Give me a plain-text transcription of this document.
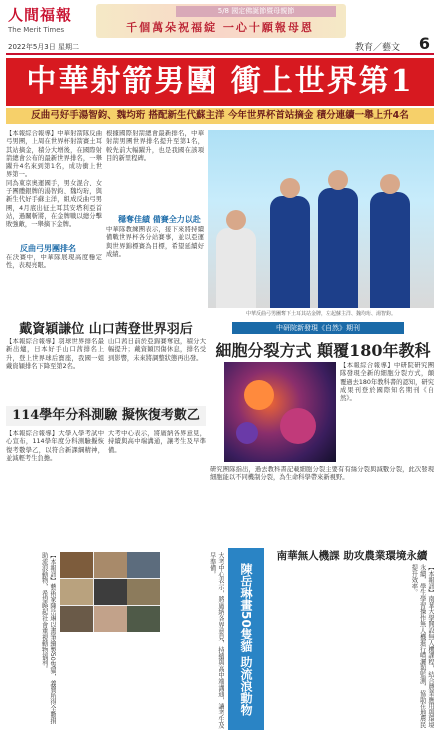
人間福報
The Merit Times
5/8 國定佛誕節暨母親節
千個萬朵祝福綻 一心十願報母恩
2022年5月3日 星期二	教育／藝文 6
中華射箭男團 衝上世界第1
反曲弓好手湯智鈞、魏均珩 搭配新生代蘇主洋 今年世界杯首站摘金 積分連續一舉上升4名

【本報綜合報導】中華射箭隊反曲弓男團，上周在世界杯射箭賽土耳其站摘金，積分大增後，在國際射箭總會公布的最新世界排名，一舉躍升4名來到第1名，成功衝上世界第一。

同為東京奧運國手，男女混合、女子團體銀牌的湯智鈞、魏均珩，與新生代好手蘇主洋，組成反曲弓男團，4月底出征土耳其安塔利亞首站，過關斬將，在金牌戰以總分擊敗強敵，一舉摘下金牌。

反曲弓男團排名

在決賽中，中華隊展現高度穩定性，表現亮眼。

根據國際射箭總會最新排名，中華射箭男團世界排名提升至第1名，較先前大幅躍升，也是我國在該項目的新里程碑。

穩奪佳績 備賽全力以赴

中華隊教練團表示，接下來將持續備戰世界杯各分站賽事，並以亞運與世界錦標賽為目標，希望延續好成績。

中華反曲弓男團奪下土耳其站金牌，左起蘇主洋、魏均珩、湯智鈞。
戴資穎謙位 山口茜登世界羽后

【本報綜合報導】羽球世界排名最新出爐，日本好手山口茜排名上升，登上世界球后寶座，我國一姐戴資穎排名下降至第2名。

山口茜日前於亞錦賽奪冠，積分大幅提升；戴資穎因傷休息，排名受到影響，未來將調整狀態再出發。

中研院新發現《自然》期刊
細胞分裂方式 顛覆180年教科

【本報綜合報導】中研院研究團隊發現全新的細胞分裂方式，顛覆過去180年教科書的認知，研究成果刊登於國際知名期刊《自然》。

研究團隊指出，過去教科書記載細胞分裂主要有有絲分裂與減數分裂，此次發現細胞能以不同機制分裂，為生命科學帶來新視野。

114學年分科測驗 擬恢復考數乙

【本報綜合報導】大學入學考試中心宣布，114學年度分科測驗擬恢復考數學乙，以符合新課綱精神，並減輕考生負擔。

大考中心表示，將廣納各界意見，持續與高中端溝通，讓考生及早準備。

【本報訊】藝術家陳岳琳以畫筆繪製50隻貓，義賣所得全數捐助流浪動物，希望喚起社會重視動物福利。	大考中心表示，將廣納各界意見，持續與高中端溝通，讓考生及早準備。	陳岳琳畫50隻貓 助流浪動物
南華無人機課 助攻農業環境永續

【本報訊】南華大學開設無人機課程，結合農業應用與環境永續，學生學習操作無人機進行噴灑與監測，協助在地農民提升效率。
